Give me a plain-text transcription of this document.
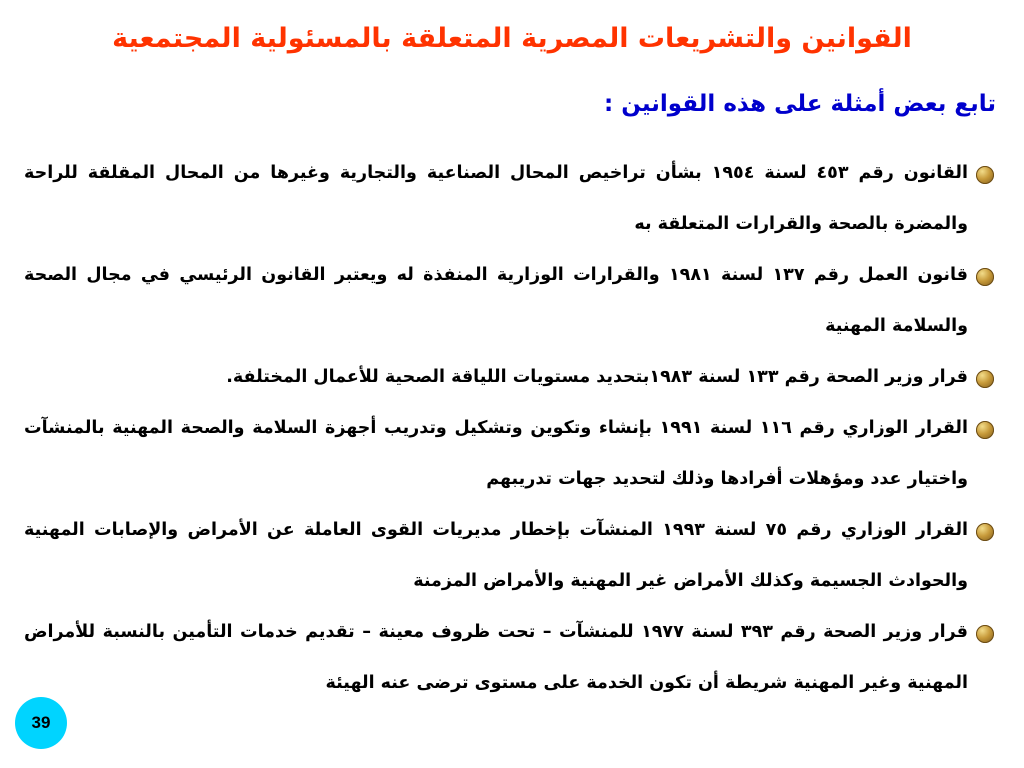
القوانين والتشريعات المصرية المتعلقة بالمسئولية المجتمعية
تابع بعض أمثلة على هذه القوانين :
القانون رقم ٤٥٣ لسنة ١٩٥٤ بشأن تراخيص المحال الصناعية والتجارية وغيرها من المحال المقلقة للراحة والمضرة بالصحة والقرارات المتعلقة به
قانون العمل رقم ١٣٧ لسنة ١٩٨١ والقرارات الوزارية المنفذة له ويعتبر القانون الرئيسي في مجال الصحة والسلامة المهنية
قرار وزير الصحة رقم ١٣٣ لسنة ١٩٨٣بتحديد مستويات اللياقة الصحية للأعمال المختلفة.
القرار الوزاري رقم ١١٦ لسنة ١٩٩١ بإنشاء وتكوين وتشكيل وتدريب أجهزة السلامة والصحة المهنية بالمنشآت واختيار عدد ومؤهلات أفرادها وذلك لتحديد جهات تدريبهم
القرار الوزاري رقم ٧٥ لسنة ١٩٩٣ المنشآت بإخطار مديريات القوى العاملة عن الأمراض والإصابات المهنية والحوادث الجسيمة وكذلك الأمراض غير المهنية والأمراض المزمنة
قرار وزير الصحة رقم ٣٩٣ لسنة ١٩٧٧ للمنشآت – تحت ظروف معينة – تقديم خدمات التأمين بالنسبة للأمراض المهنية وغير المهنية شريطة أن تكون الخدمة على مستوى ترضى عنه الهيئة
39
